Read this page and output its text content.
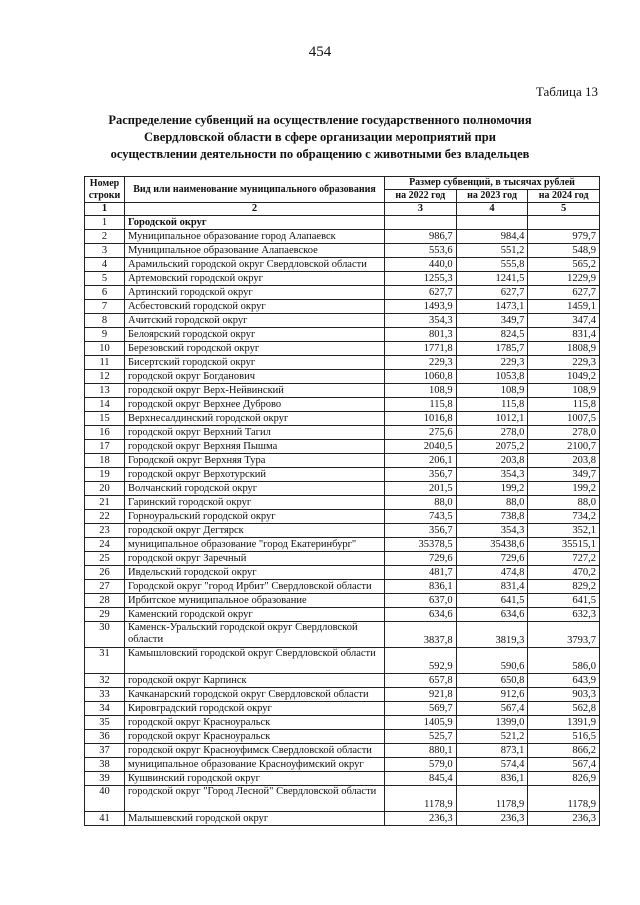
454
Таблица 13
Распределение субвенций на осуществление государственного полномочия Свердловской области в сфере организации мероприятий при осуществлении деятельности по обращению с животными без владельцев
Номер строки	Вид или наименование муниципального образования	Размер субвенций, в тысячах рублей		
		на 2022 год	на 2023 год	на 2024 год
1	2	3	4	5
1	Городской округ			
2	Муниципальное образование город Алапаевск	986,7	984,4	979,7
3	Муниципальное образование Алапаевское	553,6	551,2	548,9
4	Арамильский городской округ Свердловской области	440,0	555,8	565,2
5	Артемовский городской округ	1255,3	1241,5	1229,9
6	Артинский городской округ	627,7	627,7	627,7
7	Асбестовский городской округ	1493,9	1473,1	1459,1
8	Ачитский городской округ	354,3	349,7	347,4
9	Белоярский городской округ	801,3	824,5	831,4
10	Березовский городской округ	1771,8	1785,7	1808,9
11	Бисертский городской округ	229,3	229,3	229,3
12	городской округ Богданович	1060,8	1053,8	1049,2
13	городской округ Верх-Нейвинский	108,9	108,9	108,9
14	городской округ Верхнее Дуброво	115,8	115,8	115,8
15	Верхнесалдинский городской округ	1016,8	1012,1	1007,5
16	городской округ Верхний Тагил	275,6	278,0	278,0
17	городской округ Верхняя Пышма	2040,5	2075,2	2100,7
18	Городской округ Верхняя Тура	206,1	203,8	203,8
19	городской округ Верхотурский	356,7	354,3	349,7
20	Волчанский городской округ	201,5	199,2	199,2
21	Гаринский городской округ	88,0	88,0	88,0
22	Горноуральский городской округ	743,5	738,8	734,2
23	городской округ Дегтярск	356,7	354,3	352,1
24	муниципальное образование "город Екатеринбург"	35378,5	35438,6	35515,1
25	городской округ Заречный	729,6	729,6	727,2
26	Ивдельский городской округ	481,7	474,8	470,2
27	Городской округ "город Ирбит" Свердловской области	836,1	831,4	829,2
28	Ирбитское муниципальное образование	637,0	641,5	641,5
29	Каменский городской округ	634,6	634,6	632,3
30	Каменск-Уральский городской округ Свердловской области	3837,8	3819,3	3793,7
31	Камышловский городской округ Свердловской области	592,9	590,6	586,0
32	городской округ Карпинск	657,8	650,8	643,9
33	Качканарский городской округ Свердловской области	921,8	912,6	903,3
34	Кировградский городской округ	569,7	567,4	562,8
35	городской округ Красноуральск	1405,9	1399,0	1391,9
36	городской округ Красноуральск	525,7	521,2	516,5
37	городской округ Красноуфимск Свердловской области	880,1	873,1	866,2
38	муниципальное образование Красноуфимский округ	579,0	574,4	567,4
39	Кушвинский городской округ	845,4	836,1	826,9
40	городской округ "Город Лесной" Свердловской области	1178,9	1178,9	1178,9
41	Малышевский городской округ	236,3	236,3	236,3
